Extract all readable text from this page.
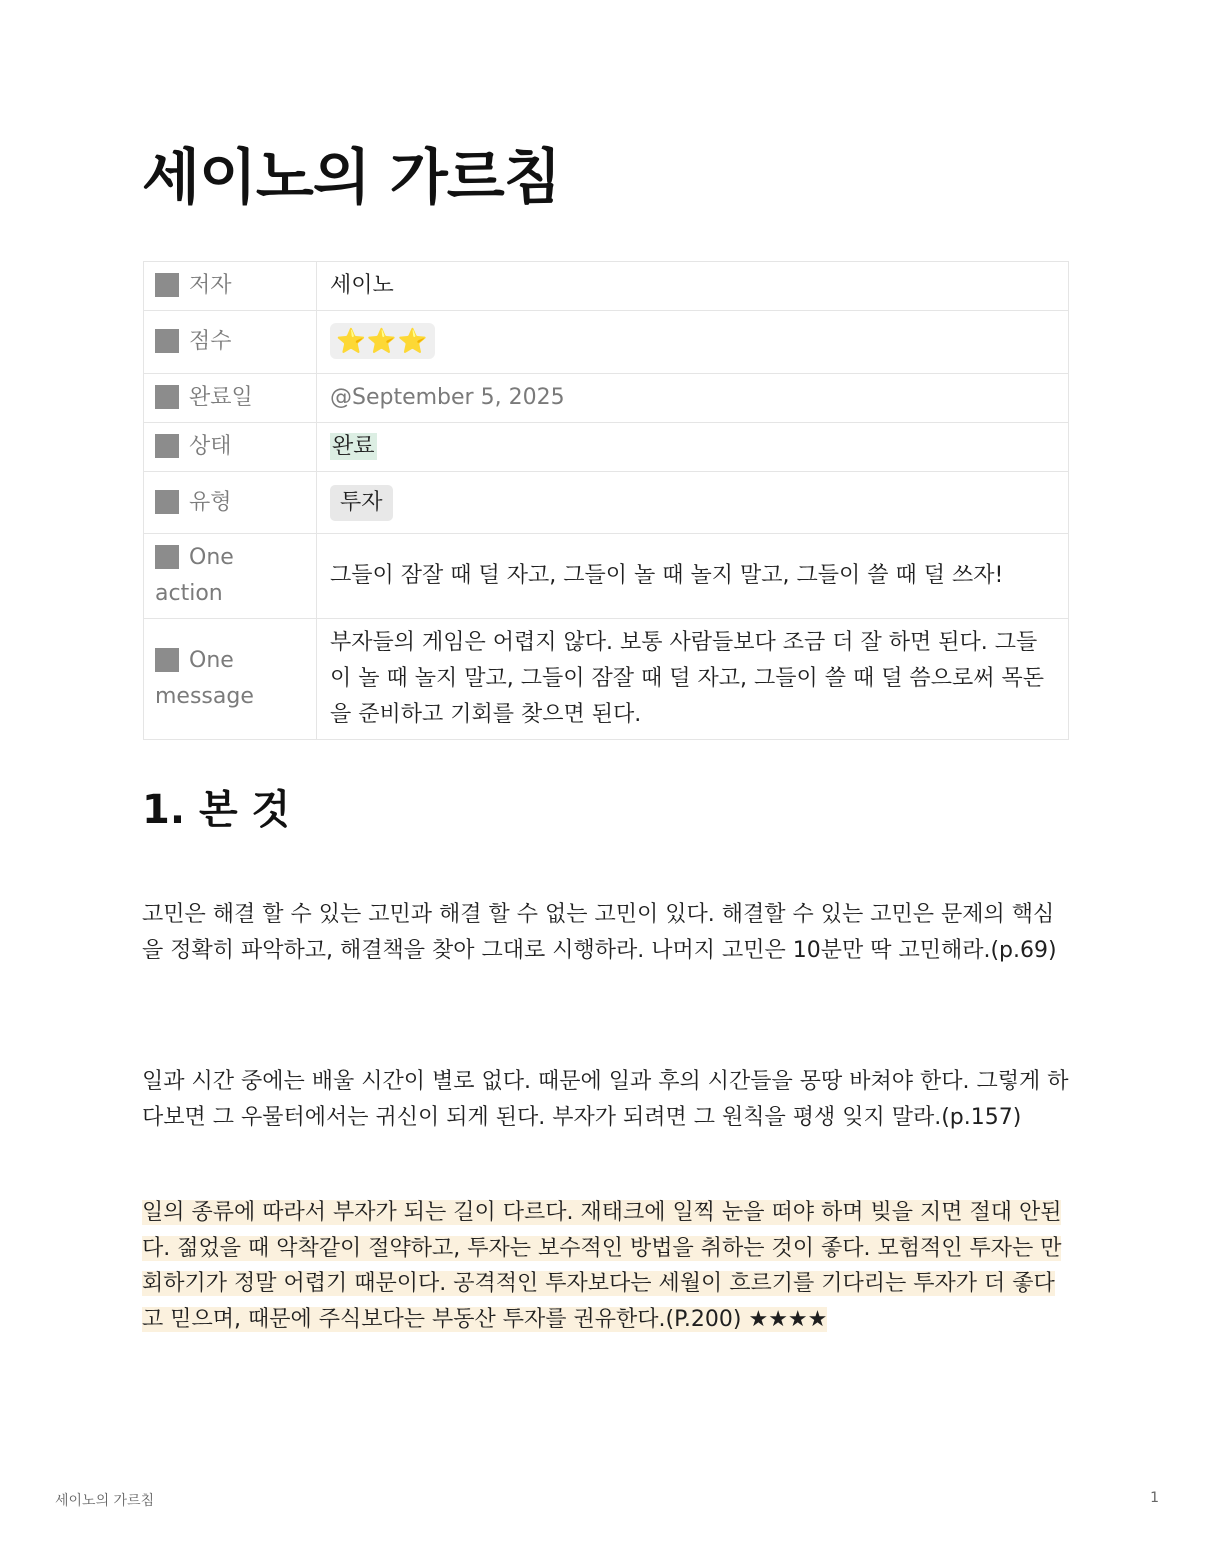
세이노의 가르침
저자	세이노
점수	⭐⭐⭐
완료일	@September 5, 2025
상태	완료
유형	투자
One action	그들이 잠잘 때 덜 자고, 그들이 놀 때 놀지 말고, 그들이 쓸 때 덜 쓰자!
One message	부자들의 게임은 어렵지 않다. 보통 사람들보다 조금 더 잘 하면 된다. 그들이 놀 때 놀지 말고, 그들이 잠잘 때 덜 자고, 그들이 쓸 때 덜 씀으로써 목돈을 준비하고 기회를 찾으면 된다.
1. 본 것

고민은 해결 할 수 있는 고민과 해결 할 수 없는 고민이 있다. 해결할 수 있는 고민은 문제의 핵심을 정확히 파악하고, 해결책을 찾아 그대로 시행하라. 나머지 고민은 10분만 딱 고민해라.(p.69)

일과 시간 중에는 배울 시간이 별로 없다. 때문에 일과 후의 시간들을 몽땅 바쳐야 한다. 그렇게 하다보면 그 우물터에서는 귀신이 되게 된다. 부자가 되려면 그 원칙을 평생 잊지 말라.(p.157)

일의 종류에 따라서 부자가 되는 길이 다르다. 재태크에 일찍 눈을 떠야 하며 빚을 지면 절대 안된다. 젊었을 때 악착같이 절약하고, 투자는 보수적인 방법을 취하는 것이 좋다. 모험적인 투자는 만회하기가 정말 어렵기 때문이다. 공격적인 투자보다는 세월이 흐르기를 기다리는 투자가 더 좋다고 믿으며, 때문에 주식보다는 부동산 투자를 권유한다.(P.200) ★★★★

세이노의 가르침	1
